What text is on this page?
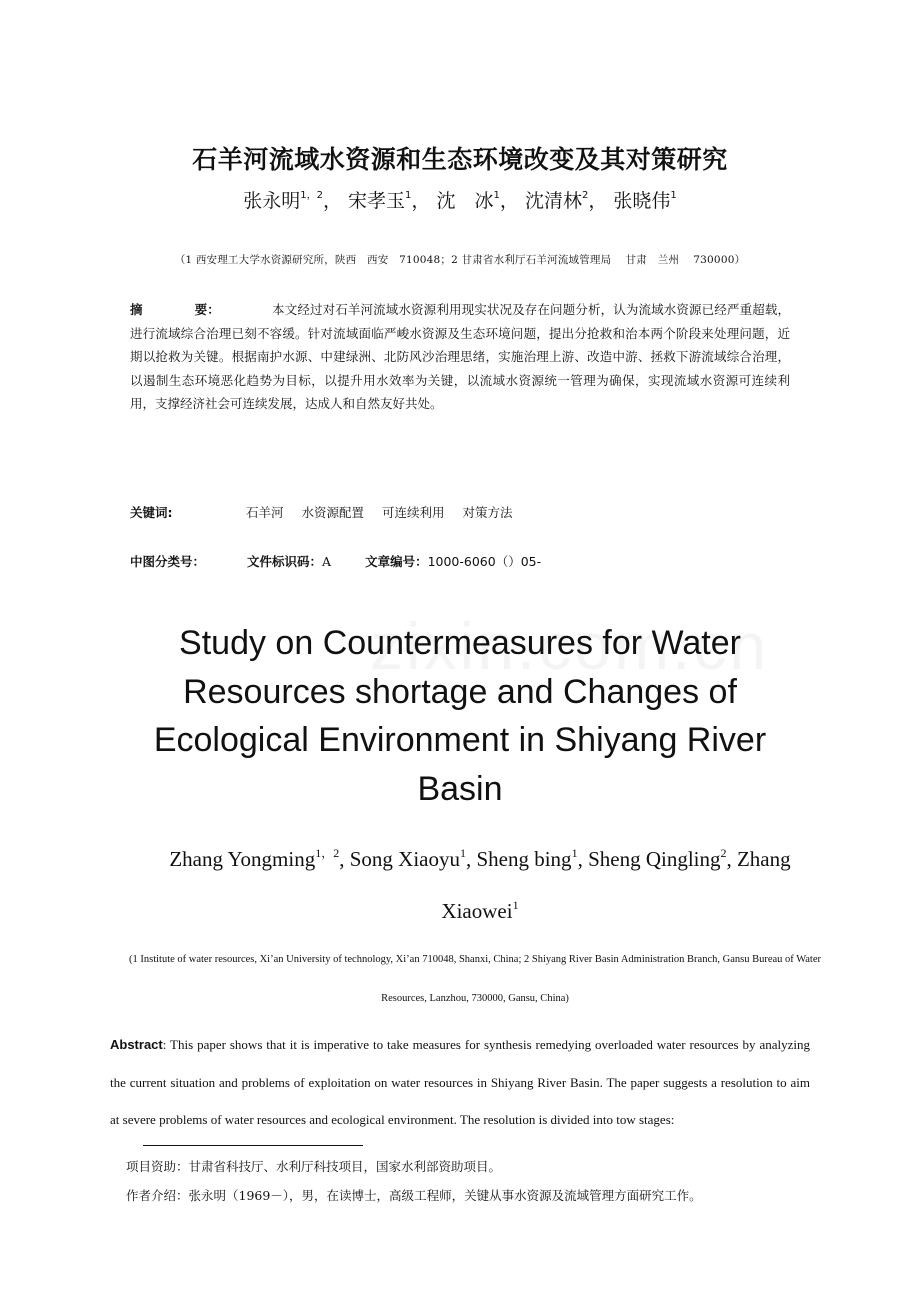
石羊河流域水资源和生态环境改变及其对策研究
张永明$^{1,2}$， 宋孝玉$^1$， 沈　冰$^1$， 沈清林$^2$， 张晓伟$^1$
（1 西安理工大学水资源研究所，陕西　西安　710048；2 甘肃省水利厅石羊河流域管理局　 甘肃　兰州　 730000）
摘	要：	本文经过对石羊河流域水资源利用现实状况及存在问题分析，认为流域水资源已经严重超载，进行流域综合治理已刻不容缓。针对流域面临严峻水资源及生态环境问题，提出分抢救和治本两个阶段来处理问题，近期以抢救为关键。根据南护水源、中建绿洲、北防风沙治理思绪，实施治理上游、改造中游、拯救下游流域综合治理，以遏制生态环境恶化趋势为目标，以提升用水效率为关键，以流域水资源统一管理为确保，实现流域水资源可连续利用，支撑经济社会可连续发展，达成人和自然友好共处。
关键词:	石羊河 水资源配置 可连续利用 对策方法
中图分类号：	文件标识码：A	文章编号：1000-6060（）05-
Study on Countermeasures for Water Resources shortage and Changes of Ecological Environment in Shiyang River Basin
Zhang Yongming$^{1,2}$, Song Xiaoyu$^1$, Sheng bing$^1$, Sheng Qingling$^2$, Zhang Xiaowei$^1$
(1 Institute of water resources, Xi’an University of technology, Xi’an 710048, Shanxi, China; 2 Shiyang River Basin Administration Branch, Gansu Bureau of Water Resources, Lanzhou, 730000, Gansu, China)
Abstract: This paper shows that it is imperative to take measures for synthesis remedying overloaded water resources by analyzing the current situation and problems of exploitation on water resources in Shiyang River Basin. The paper suggests a resolution to aim at severe problems of water resources and ecological environment. The resolution is divided into tow stages:
项目资助：甘肃省科技厅、水利厅科技项目，国家水利部资助项目。
作者介绍：张永明（1969－），男，在读博士，高级工程师，关键从事水资源及流域管理方面研究工作。
